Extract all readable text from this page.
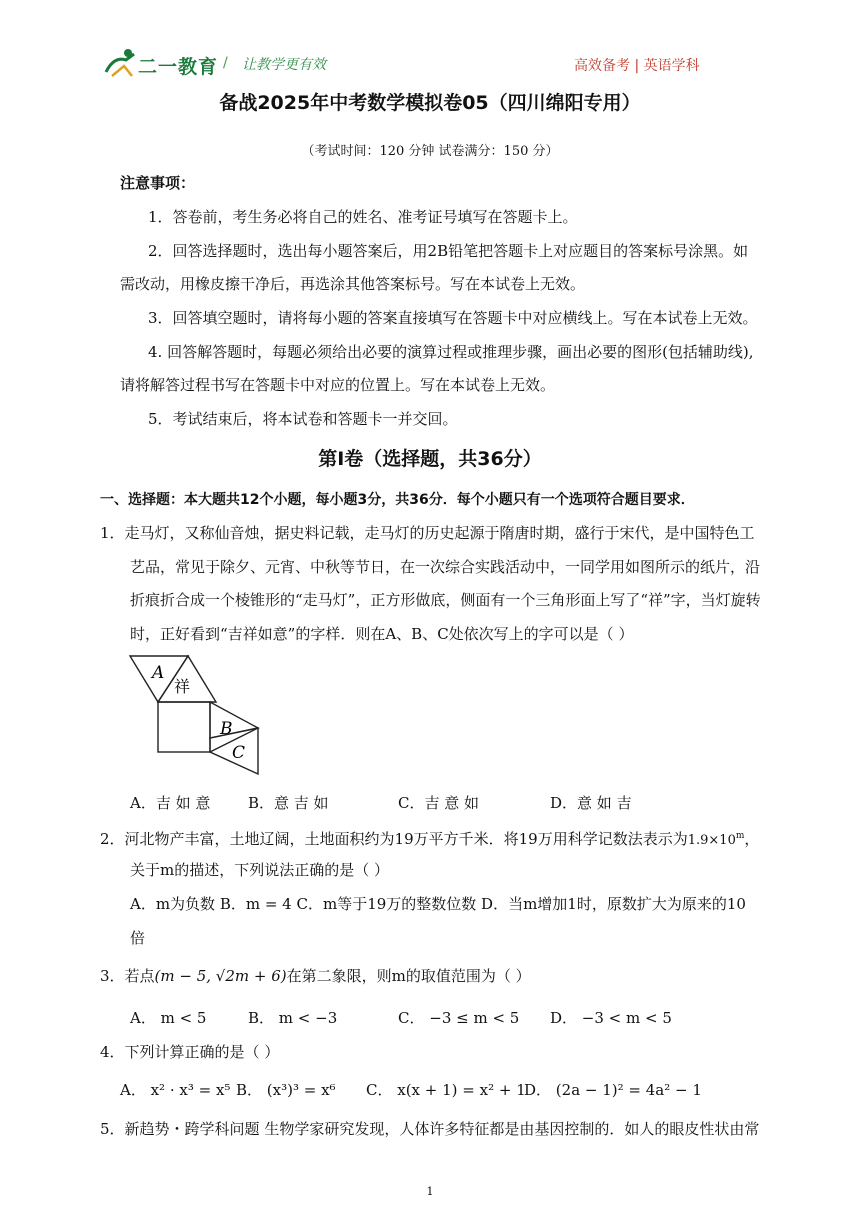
二一教育 / 让教学更有效	高效备考 | 英语学科
备战2025年中考数学模拟卷05（四川绵阳专用）
（考试时间：120 分钟 试卷满分：150 分）
注意事项：
1．答卷前，考生务必将自己的姓名、准考证号填写在答题卡上。
2．回答选择题时，选出每小题答案后，用2B铅笔把答题卡上对应题目的答案标号涂黑。如
需改动，用橡皮擦干净后，再选涂其他答案标号。写在本试卷上无效。
3．回答填空题时，请将每小题的答案直接填写在答题卡中对应横线上。写在本试卷上无效。
4. 回答解答题时，每题必须给出必要的演算过程或推理步骤，画出必要的图形(包括辅助线),
请将解答过程书写在答题卡中对应的位置上。写在本试卷上无效。
5．考试结束后，将本试卷和答题卡一并交回。
第Ⅰ卷（选择题，共36分）
一、选择题：本大题共12个小题，每小题3分，共36分．每个小题只有一个选项符合题目要求．
1．走马灯，又称仙音烛，据史料记载，走马灯的历史起源于隋唐时期，盛行于宋代，是中国特色工
艺品，常见于除夕、元宵、中秋等节日，在一次综合实践活动中，一同学用如图所示的纸片，沿
折痕折合成一个棱锥形的“走马灯”，正方形做底，侧面有一个三角形面上写了“祥”字，当灯旋转
时，正好看到“吉祥如意”的字样．则在A、B、C处依次写上的字可以是（ ）
A
祥
B
C
A．吉 如 意	B．意 吉 如	C．吉 意 如	D．意 如 吉
2．河北物产丰富，土地辽阔，土地面积约为19万平方千米．将19万用科学记数法表示为$1.9\times 10^m$，
关于m的描述，下列说法正确的是（ ）
A．m为负数 B．m = 4 C．m等于19万的整数位数 D．当m增加1时，原数扩大为原来的10
倍
3．若点(m − 5, √2m + 6)在第二象限，则m的取值范围为（ ）
A． m < 5	B． m < −3	C． −3 ≤ m < 5 D． −3 < m < 5
4．下列计算正确的是（ ）
A． x² · x³ = x⁵ B． (x³)³ = x⁶ C． x(x + 1) = x² + 1
D． (2a − 1)² = 4a² − 1
5．新趋势・跨学科问题 生物学家研究发现，人体许多特征都是由基因控制的．如人的眼皮性状由常
1
